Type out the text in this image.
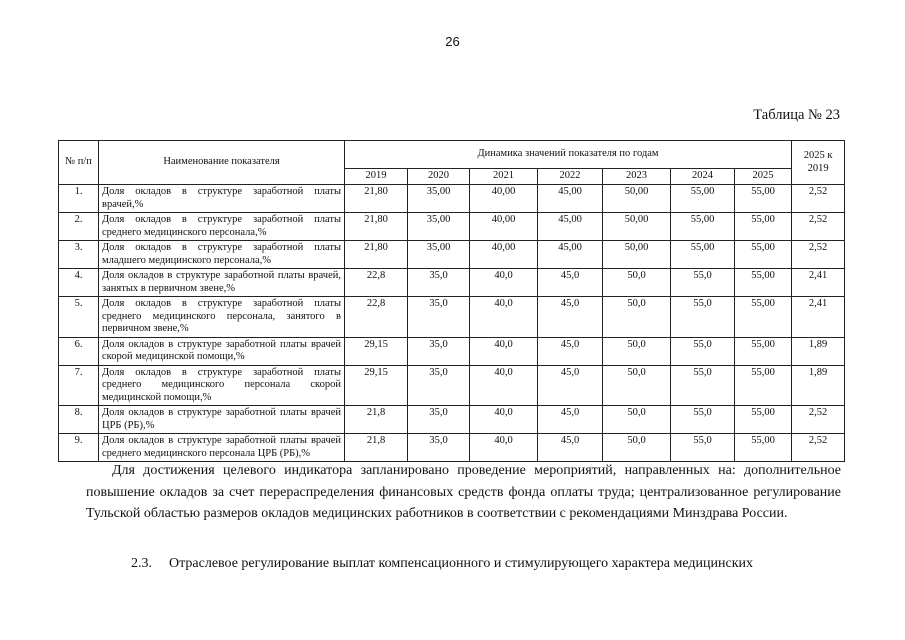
26
Таблица № 23
№ п/п	Наименование показателя	Динамика значений показателя по годам							2025 к 2019
		2019	2020	2021	2022	2023	2024	2025	
1.	Доля окладов в структуре заработной платы врачей,%	21,80	35,00	40,00	45,00	50,00	55,00	55,00	2,52
2.	Доля окладов в структуре заработной платы среднего медицинского персонала,%	21,80	35,00	40,00	45,00	50,00	55,00	55,00	2,52
3.	Доля окладов в структуре заработной платы младшего медицинского персонала,%	21,80	35,00	40,00	45,00	50,00	55,00	55,00	2,52
4.	Доля окладов в структуре заработной платы врачей, занятых в первичном звене,%	22,8	35,0	40,0	45,0	50,0	55,0	55,00	2,41
5.	Доля окладов в структуре заработной платы среднего медицинского персонала, занятого в первичном звене,%	22,8	35,0	40,0	45,0	50,0	55,0	55,00	2,41
6.	Доля окладов в структуре заработной платы врачей скорой медицинской помощи,%	29,15	35,0	40,0	45,0	50,0	55,0	55,00	1,89
7.	Доля окладов в структуре заработной платы среднего медицинского персонала скорой медицинской помощи,%	29,15	35,0	40,0	45,0	50,0	55,0	55,00	1,89
8.	Доля окладов в структуре заработной платы врачей ЦРБ (РБ),%	21,8	35,0	40,0	45,0	50,0	55,0	55,00	2,52
9.	Доля окладов в структуре заработной платы врачей среднего медицинского персонала ЦРБ (РБ),%	21,8	35,0	40,0	45,0	50,0	55,0	55,00	2,52

Для достижения целевого индикатора запланировано проведение мероприятий, направленных на: дополнительное повышение окладов за счет перераспределения финансовых средств фонда оплаты труда; централизованное регулирование Тульской областью размеров окладов медицинских работников в соответствии с рекомендациями Минздрава России.

2.3. Отраслевое регулирование выплат компенсационного и стимулирующего характера медицинских
